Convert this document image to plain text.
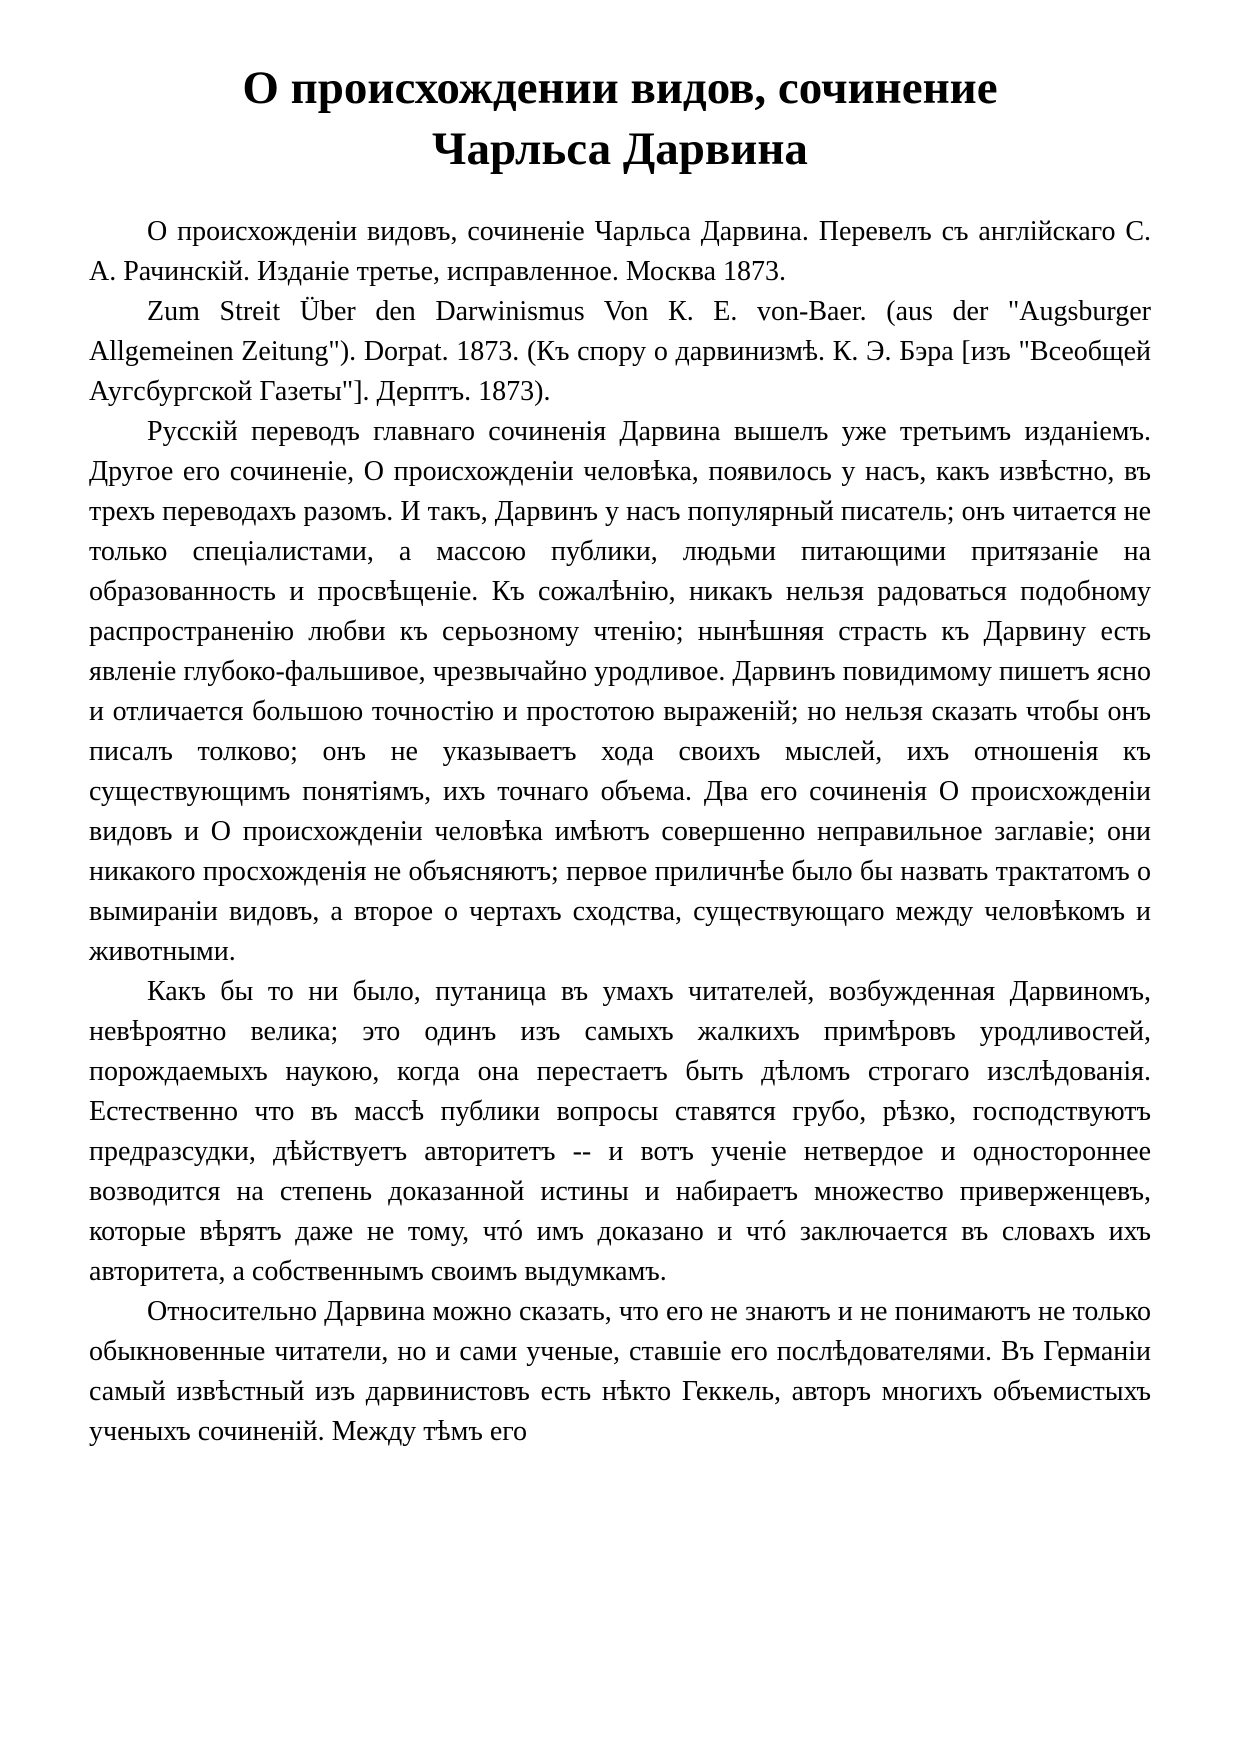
О происхождении видов, сочинение
Чарльса Дарвина

О происхожденiи видовъ, сочиненiе Чарльса Дарвина. Перевелъ съ англiйскаго С. А. Рачинскiй. Изданiе третье, исправленное. Москва 1873.

Zum Streit Über den Darwinismus Von К. Е. von-Baer. (aus der "Augsburger Allgemeinen Zeitung"). Dorpat. 1873. (Къ спору о дарвинизмѣ. К. Э. Бэра [изъ "Всеобщей Аугсбургской Газеты"]. Дерптъ. 1873).

Русскiй переводъ главнаго сочиненiя Дарвина вышелъ уже третьимъ изданiемъ. Другое его сочиненiе, О происхожденiи человѣка, появилось у насъ, какъ извѣстно, въ трехъ переводахъ разомъ. И такъ, Дарвинъ у насъ популярный писатель; онъ читается не только спецiалистами, а массою публики, людьми питающими притязанiе на образованность и просвѣщенiе. Къ сожалѣнiю, никакъ нельзя радоваться подобному распространенiю любви къ серьозному чтенiю; нынѣшняя страсть къ Дарвину есть явленiе глубоко-фальшивое, чрезвычайно уродливое. Дарвинъ повидимому пишетъ ясно и отличается большою точностiю и простотою выраженiй; но нельзя сказать чтобы онъ писалъ толково; онъ не указываетъ хода своихъ мыслей, ихъ отношенiя къ существующимъ понятiямъ, ихъ точнаго объема. Два его сочиненiя О происхожденiи видовъ и О происхожденiи человѣка имѣютъ совершенно неправильное заглавiе; они никакого просхожденiя не объясняютъ; первое приличнѣе было бы назвать трактатомъ о вымиранiи видовъ, а второе о чертахъ сходства, существующаго между человѣкомъ и животными.

Какъ бы то ни было, путаница въ умахъ читателей, возбужденная Дарвиномъ, невѣроятно велика; это одинъ изъ самыхъ жалкихъ примѣровъ уродливостей, порождаемыхъ наукою, когда она перестаетъ быть дѣломъ строгаго изслѣдованiя. Естественно что въ массѣ публики вопросы ставятся грубо, рѣзко, господствуютъ предразсудки, дѣйствуетъ авторитетъ -- и вотъ ученiе нетвердое и одностороннее возводится на степень доказанной истины и набираетъ множество приверженцевъ, которые вѣрятъ даже не тому, чтó имъ доказано и чтó заключается въ словахъ ихъ авторитета, а собственнымъ своимъ выдумкамъ.

Относительно Дарвина можно сказать, что его не знаютъ и не понимаютъ не только обыкновенные читатели, но и сами ученые, ставшiе его послѣдователями. Въ Германiи самый извѣстный изъ дарвинистовъ есть нѣкто Геккель, авторъ многихъ объемистыхъ ученыхъ сочиненiй. Между тѣмъ его
